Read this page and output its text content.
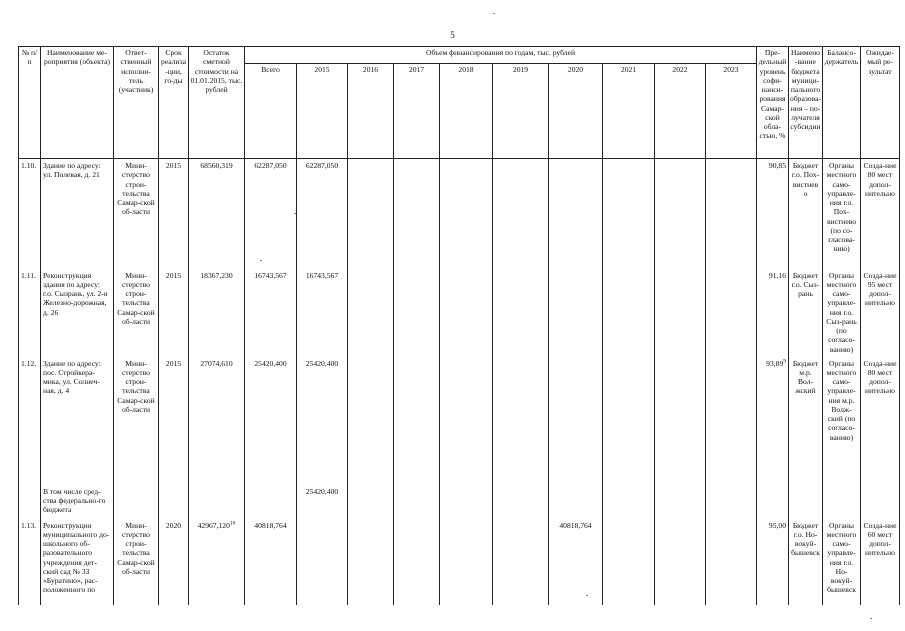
5
№ п/п	Наименование ме-роприятия (объекта)	Ответ-ственный исполни-тель (участник)	Срок реализа-ции, го-ды	Остаток сметной стоимости на 01.01.2015, тыс. рублей	Объем финансирования по годам, тыс. рублей										Пре-дельный уровень софи-нанси-рования Самар-ской обла-стью, %	Наимено-вание бюджета муници-пального образова-ния – по-лучателя субсидии	Балансо-держатель	Ожидае-мый ре-зультат
					Всего	2015	2016	2017	2018	2019	2020	2021	2022	2023				
1.10.	Здание по адресу: ул. Полевая, д. 21	Мини-стерство строи-тельства Самар-ской об-ласти	2015	68560,319	62287,050	62287,050									90,85	Бюджет г.о. Пох-вистнево	Органы местного само-управле-ния г.о. Пох-вистнево (по со-гласова-нию)	Созда-ние 80 мест допол-нительно
1.11.	Реконструкция здания по адресу: г.о. Сызрань, ул. 2-я Железно-дорожная, д. 26	Мини-стерство строи-тельства Самар-ской об-ласти	2015	18367,230	16743,567	16743,567									91,16	Бюджет г.о. Сыз-рань	Органы местного само-управле-ния г.о. Сыз-рань (по согласо-ванию)	Созда-ние 95 мест допол-нительно
1.12.	Здание по адресу: пос. Стройкера-мика, ул. Солнеч-ная, д. 4	Мини-стерство строи-тельства Самар-ской об-ласти	2015	27074,610	25420,400	25420,400									93,89$^9$	Бюджет м.р. Вол-жский	Органы местного само-управле-ния м.р. Волж-ский (по согласо-ванию)	Созда-ние 80 мест допол-нительно
	В том числе сред-ства федерально-го бюджета					25420,400												
1.13.	Реконструкция муниципального до-школьного об-разовательного учреждения дет-ский сад № 33 «Буратино», рас-положенного по	Мини-стерство строи-тельства Самар-ской об-ласти	2020	42967,120$^{10}$	40818,764						40818,764				95,00	Бюджет г.о. Но-вокуй-бышевск	Органы местного само-управле-ния г.о. Но-вокуй-бышевск	Созда-ние 60 мест допол-нительно
